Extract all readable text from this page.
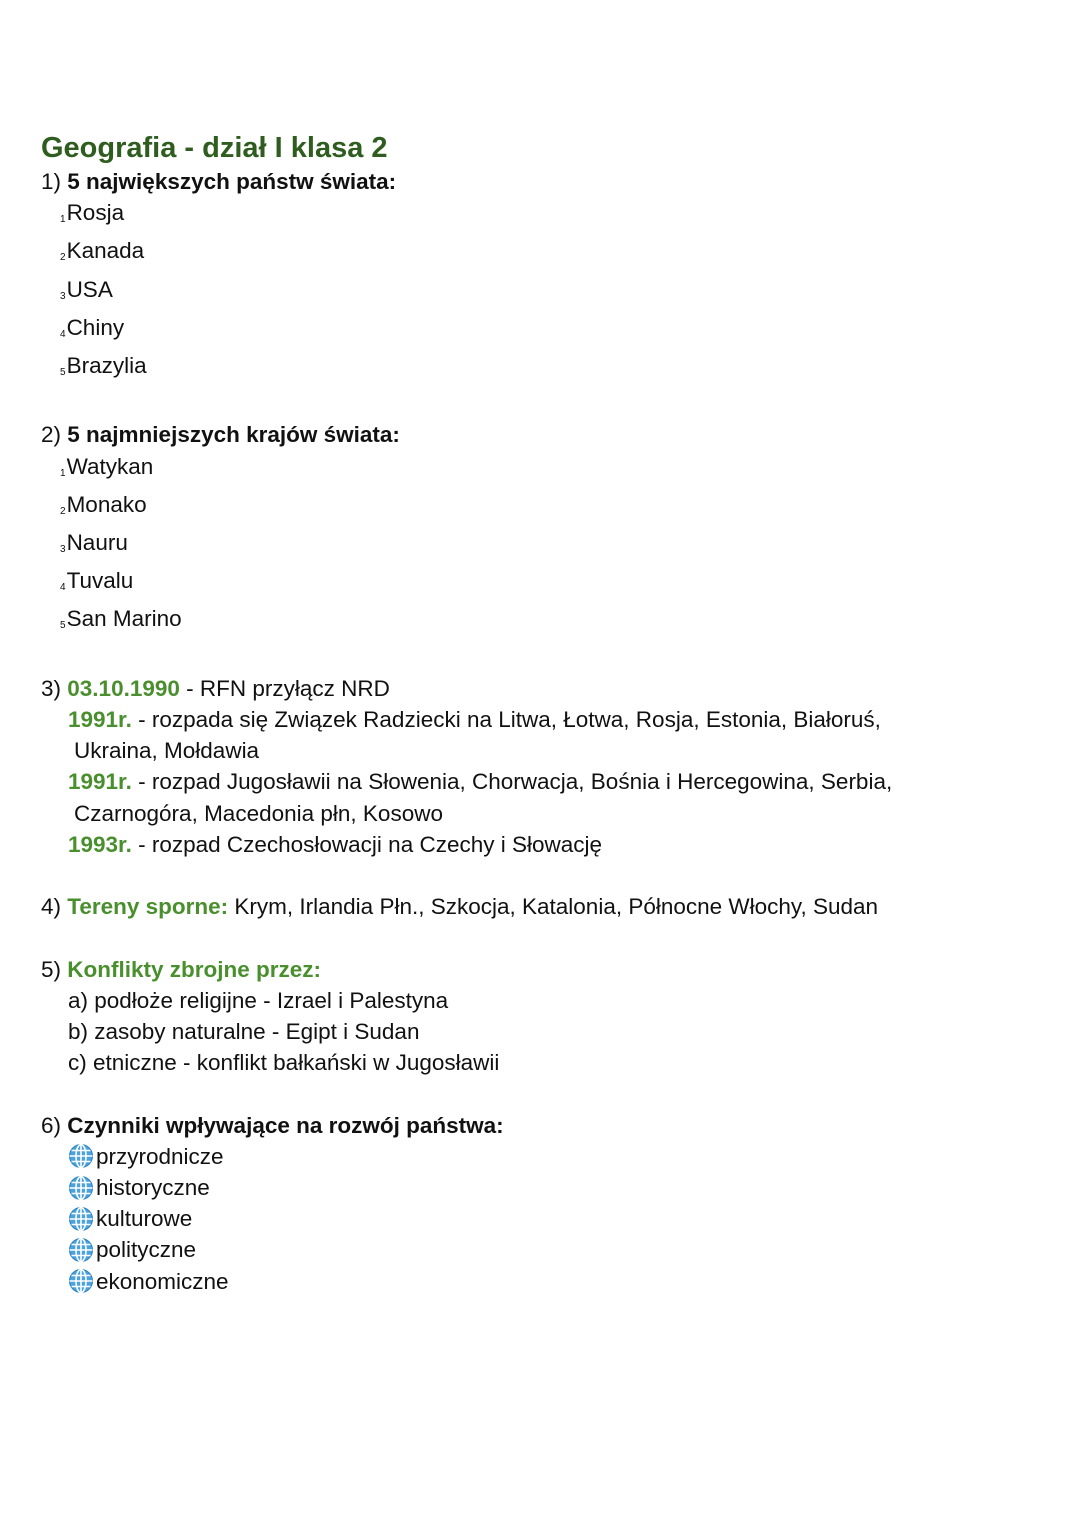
Geografia - dział I klasa 2
1) 5 największych państw świata:
$_1$Rosja
$_2$Kanada
$_3$USA
$_4$Chiny
$_5$Brazylia
2) 5 najmniejszych krajów świata:
$_1$Watykan
$_2$Monako
$_3$Nauru
$_4$Tuvalu
$_5$San Marino
3) 03.10.1990 - RFN przyłącz NRD
1991r. - rozpada się Związek Radziecki na Litwa, Łotwa, Rosja, Estonia, Białoruś,
Ukraina, Mołdawia
1991r. - rozpad Jugosławii na Słowenia, Chorwacja, Bośnia i Hercegowina, Serbia,
Czarnogóra, Macedonia płn, Kosowo
1993r. - rozpad Czechosłowacji na Czechy i Słowację
4) Tereny sporne: Krym, Irlandia Płn., Szkocja, Katalonia, Północne Włochy, Sudan
5) Konflikty zbrojne przez:
a) podłoże religijne - Izrael i Palestyna
b) zasoby naturalne - Egipt i Sudan
c) etniczne - konflikt bałkański w Jugosławii
6) Czynniki wpływające na rozwój państwa:
przyrodnicze
historyczne
kulturowe
polityczne
ekonomiczne
